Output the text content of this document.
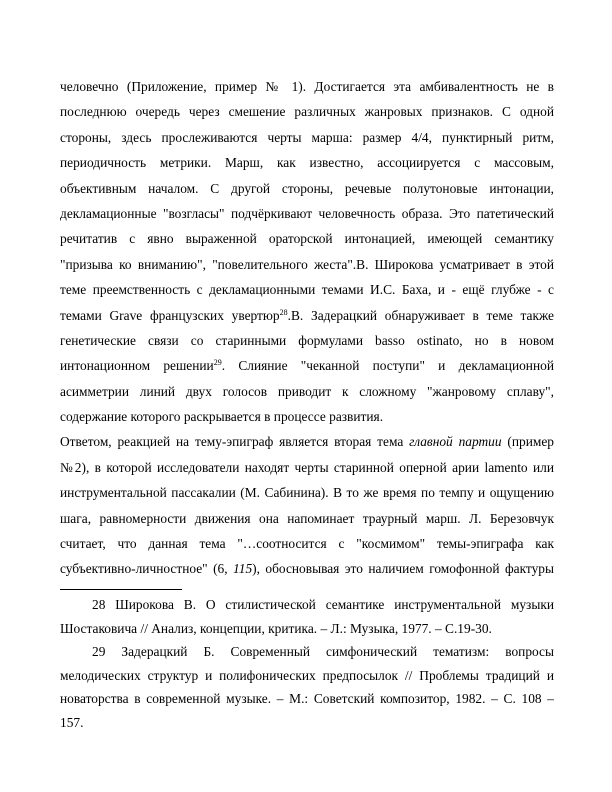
человечно (Приложение, пример № 1). Достигается эта амбивалентность не в
последнюю очередь через смешение различных жанровых признаков. С одной
стороны, здесь прослеживаются черты марша: размер 4/4, пунктирный ритм,
периодичность метрики. Марш, как известно, ассоциируется с массовым,
объективным началом. С другой стороны, речевые полутоновые интонации,
декламационные "возгласы" подчёркивают человечность образа. Это патетический
речитатив с явно выраженной ораторской интонацией, имеющей семантику
"призыва ко вниманию", "повелительного жеста".В. Широкова усматривает в этой
теме преемственность с декламационными темами И.С. Баха, и - ещё глубже - с
темами Grave французских увертюр$^{28}$.В. Задерацкий обнаруживает в теме также
генетические связи со старинными формулами basso ostinato, но в новом
интонационном решении$^{29}$. Слияние "чеканной поступи" и декламационной
асимметрии линий двух голосов приводит к сложному "жанровому сплаву",
содержание которого раскрывается в процессе развития.
Ответом, реакцией на тему-эпиграф является вторая тема главной партии (пример
№2), в которой исследователи находят черты старинной оперной арии lamento или
инструментальной пассакалии (М. Сабинина). В то же время по темпу и ощущению
шага, равномерности движения она напоминает траурный марш. Л. Березовчук
считает, что данная тема "…соотносится с "космимом" темы-эпиграфа как
субъективно-личностное" (6, 115), обосновывая это наличием гомофонной фактуры
28 Широкова В. О стилистической семантике инструментальной музыки
Шостаковича // Анализ, концепции, критика. – Л.: Музыка, 1977. – С.19-30.
29 Задерацкий Б. Современный симфонический тематизм: вопросы
мелодических структур и полифонических предпосылок // Проблемы традиций и
новаторства в современной музыке. – М.: Советский композитор, 1982. – С. 108 –
157.
